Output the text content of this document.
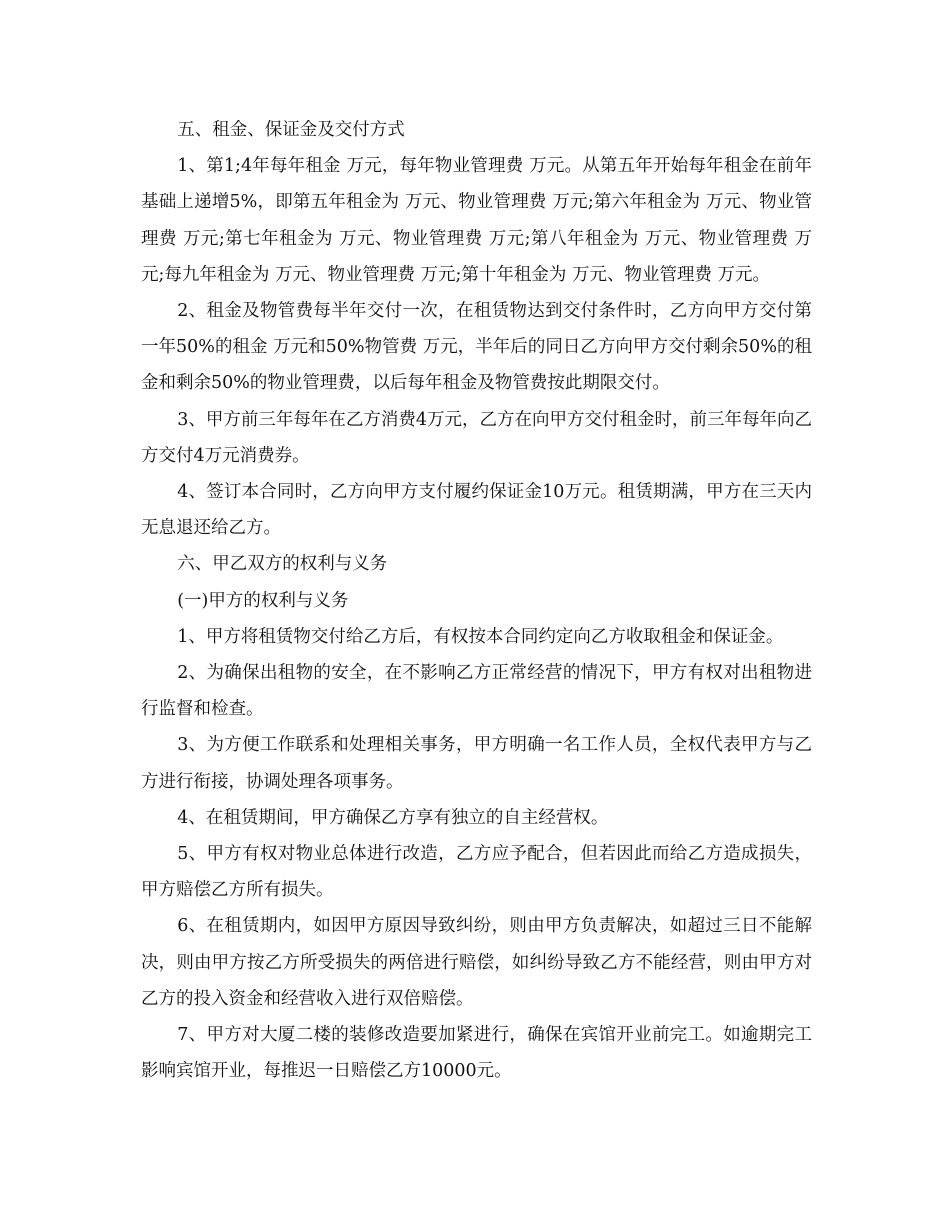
五、租金、保证金及交付方式

1、第1;4年每年租金 万元，每年物业管理费 万元。从第五年开始每年租金在前年基础上递增5%，即第五年租金为 万元、物业管理费 万元;第六年租金为 万元、物业管理费 万元;第七年租金为 万元、物业管理费 万元;第八年租金为 万元、物业管理费 万元;每九年租金为 万元、物业管理费 万元;第十年租金为 万元、物业管理费 万元。

2、租金及物管费每半年交付一次，在租赁物达到交付条件时，乙方向甲方交付第一年50%的租金 万元和50%物管费 万元，半年后的同日乙方向甲方交付剩余50%的租金和剩余50%的物业管理费，以后每年租金及物管费按此期限交付。

3、甲方前三年每年在乙方消费4万元，乙方在向甲方交付租金时，前三年每年向乙方交付4万元消费券。

4、签订本合同时，乙方向甲方支付履约保证金10万元。租赁期满，甲方在三天内无息退还给乙方。

六、甲乙双方的权利与义务

(一)甲方的权利与义务

1、甲方将租赁物交付给乙方后，有权按本合同约定向乙方收取租金和保证金。

2、为确保出租物的安全，在不影响乙方正常经营的情况下，甲方有权对出租物进行监督和检查。

3、为方便工作联系和处理相关事务，甲方明确一名工作人员，全权代表甲方与乙方进行衔接，协调处理各项事务。

4、在租赁期间，甲方确保乙方享有独立的自主经营权。

5、甲方有权对物业总体进行改造，乙方应予配合，但若因此而给乙方造成损失，甲方赔偿乙方所有损失。

6、在租赁期内，如因甲方原因导致纠纷，则由甲方负责解决，如超过三日不能解决，则由甲方按乙方所受损失的两倍进行赔偿，如纠纷导致乙方不能经营，则由甲方对乙方的投入资金和经营收入进行双倍赔偿。

7、甲方对大厦二楼的装修改造要加紧进行，确保在宾馆开业前完工。如逾期完工影响宾馆开业，每推迟一日赔偿乙方10000元。
